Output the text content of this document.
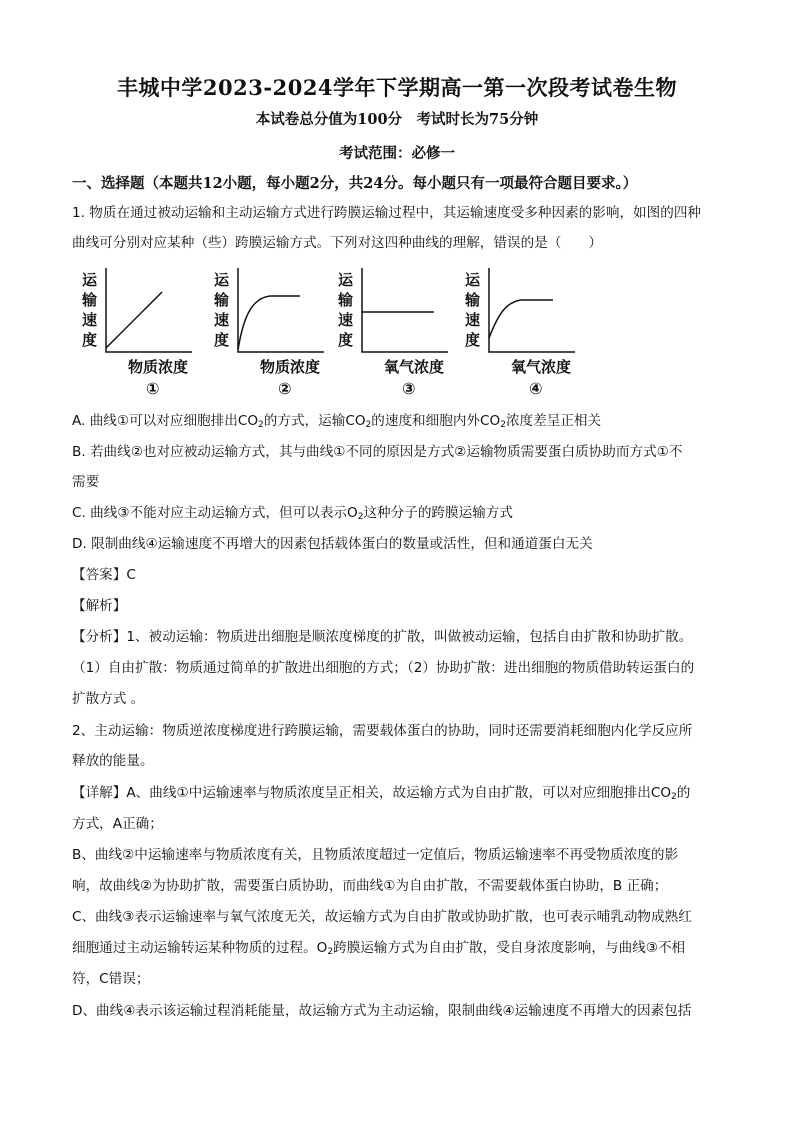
丰城中学2023-2024学年下学期高一第一次段考试卷生物
本试卷总分值为100分　考试时长为75分钟
考试范围：必修一
一、选择题（本题共12小题，每小题2分，共24分。每小题只有一项最符合题目要求。）
1. 物质在通过被动运输和主动运输方式进行跨膜运输过程中，其运输速度受多种因素的影响，如图的四种
曲线可分别对应某种（些）跨膜运输方式。下列对这四种曲线的理解，错误的是（　　）
运
输
速
度
物质浓度
①
运
输
速
度
物质浓度
②
运
输
速
度
氧气浓度
③
运
输
速
度
氧气浓度
④
A. 曲线①可以对应细胞排出$CO_2$的方式，运输$CO_2$的速度和细胞内外$CO_2$浓度差呈正相关
B. 若曲线②也对应被动运输方式，其与曲线①不同的原因是方式②运输物质需要蛋白质协助而方式①不
需要
C. 曲线③不能对应主动运输方式，但可以表示$O_2$这种分子的跨膜运输方式
D. 限制曲线④运输速度不再增大的因素包括载体蛋白的数量或活性，但和通道蛋白无关
【答案】C
【解析】
【分析】1、被动运输：物质进出细胞是顺浓度梯度的扩散，叫做被动运输，包括自由扩散和协助扩散。
（1）自由扩散：物质通过简单的扩散进出细胞的方式；（2）协助扩散：进出细胞的物质借助转运蛋白的
扩散方式 。
2、主动运输：物质逆浓度梯度进行跨膜运输，需要载体蛋白的协助，同时还需要消耗细胞内化学反应所
释放的能量。
【详解】A、曲线①中运输速率与物质浓度呈正相关，故运输方式为自由扩散，可以对应细胞排出$CO_2$的
方式，A正确；
B、曲线②中运输速率与物质浓度有关，且物质浓度超过一定值后，物质运输速率不再受物质浓度的影
响，故曲线②为协助扩散，需要蛋白质协助，而曲线①为自由扩散，不需要载体蛋白协助，B 正确；
C、曲线③表示运输速率与氧气浓度无关，故运输方式为自由扩散或协助扩散，也可表示哺乳动物成熟红
细胞通过主动运输转运某种物质的过程。$O_2$跨膜运输方式为自由扩散，受自身浓度影响，与曲线③不相
符，C错误；
D、曲线④表示该运输过程消耗能量，故运输方式为主动运输，限制曲线④运输速度不再增大的因素包括
